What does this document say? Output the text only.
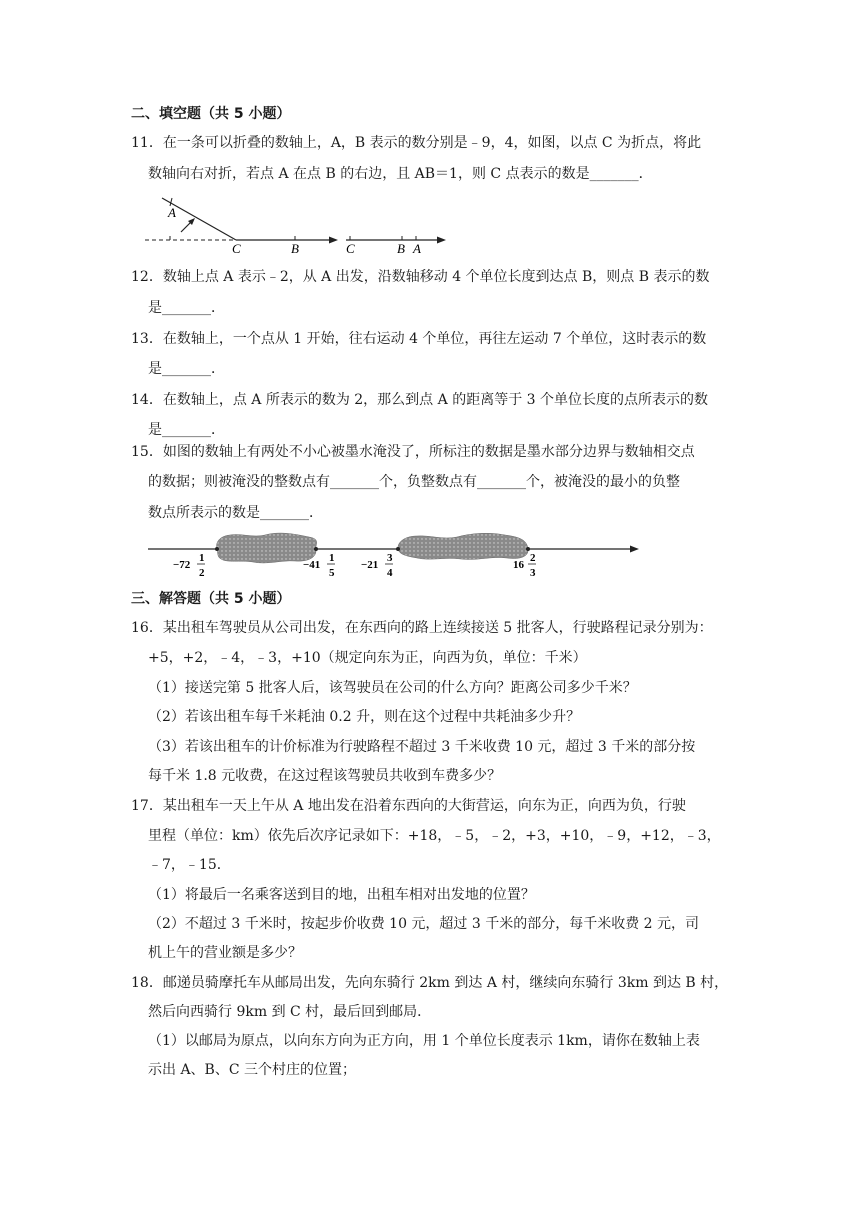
二、填空题（共 5 小题）
11．在一条可以折叠的数轴上，A，B 表示的数分别是﹣9，4，如图，以点 C 为折点，将此
数轴向右对折，若点 A 在点 B 的右边，且 AB＝1，则 C 点表示的数是_______．
A
C	B	C	B A
12．数轴上点 A 表示﹣2，从 A 出发，沿数轴移动 4 个单位长度到达点 B，则点 B 表示的数
是_______．
13．在数轴上，一个点从 1 开始，往右运动 4 个单位，再往左运动 7 个单位，这时表示的数
是_______．
14．在数轴上，点 A 所表示的数为 2，那么到点 A 的距离等于 3 个单位长度的点所表示的数
是_______．
15．如图的数轴上有两处不小心被墨水淹没了，所标注的数据是墨水部分边界与数轴相交点
的数据；则被淹没的整数点有_______个，负整数点有_______个，被淹没的最小的负整
数点所表示的数是_______．
−72
1
2
−41
1
5
−21
3
4
16
2
3
三、解答题（共 5 小题）
16．某出租车驾驶员从公司出发，在东西向的路上连续接送 5 批客人，行驶路程记录分别为：
+5，+2，﹣4，﹣3，+10（规定向东为正，向西为负，单位：千米）
（1）接送完第 5 批客人后，该驾驶员在公司的什么方向？距离公司多少千米？
（2）若该出租车每千米耗油 0.2 升，则在这个过程中共耗油多少升？
（3）若该出租车的计价标准为行驶路程不超过 3 千米收费 10 元，超过 3 千米的部分按
每千米 1.8 元收费，在这过程该驾驶员共收到车费多少？
17．某出租车一天上午从 A 地出发在沿着东西向的大街营运，向东为正，向西为负，行驶
里程（单位：km）依先后次序记录如下：+18，﹣5，﹣2，+3，+10，﹣9，+12，﹣3，
﹣7，﹣15．
（1）将最后一名乘客送到目的地，出租车相对出发地的位置？
（2）不超过 3 千米时，按起步价收费 10 元，超过 3 千米的部分，每千米收费 2 元，司
机上午的营业额是多少？
18．邮递员骑摩托车从邮局出发，先向东骑行 2km 到达 A 村，继续向东骑行 3km 到达 B 村，
然后向西骑行 9km 到 C 村，最后回到邮局．
（1）以邮局为原点，以向东方向为正方向，用 1 个单位长度表示 1km，请你在数轴上表
示出 A、B、C 三个村庄的位置；
